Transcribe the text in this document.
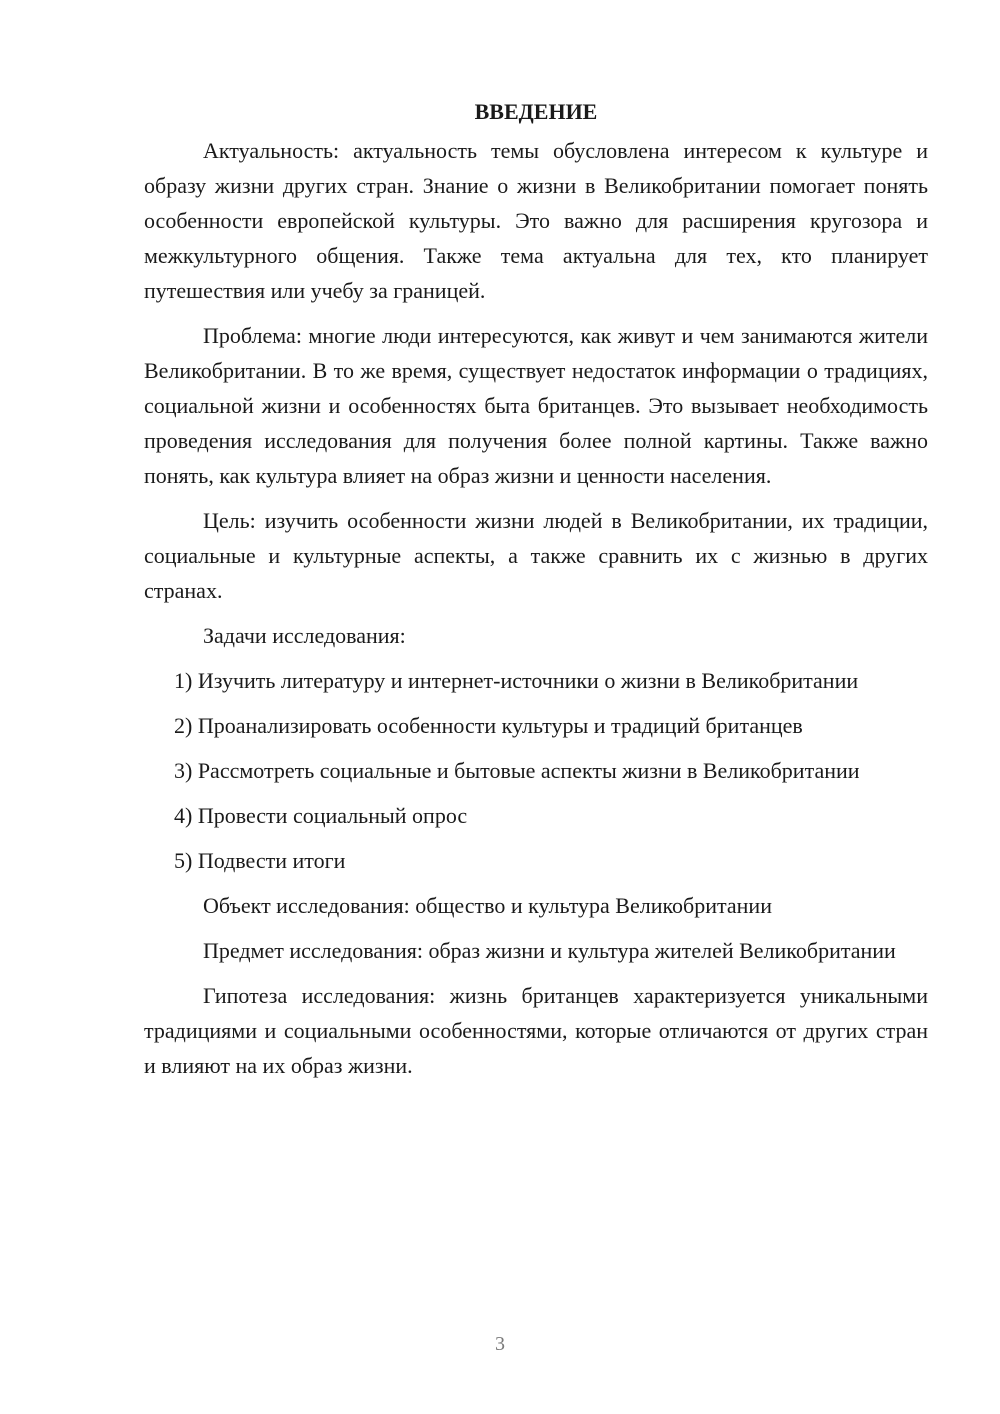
ВВЕДЕНИЕ

Актуальность: актуальность темы обусловлена интересом к культуре и образу жизни других стран. Знание о жизни в Великобритании помогает понять особенности европейской культуры. Это важно для расширения кругозора и межкультурного общения. Также тема актуальна для тех, кто планирует путешествия или учебу за границей.

Проблема: многие люди интересуются, как живут и чем занимаются жители Великобритании. В то же время, существует недостаток информации о традициях, социальной жизни и особенностях быта британцев. Это вызывает необходимость проведения исследования для получения более полной картины. Также важно понять, как культура влияет на образ жизни и ценности населения.

Цель: изучить особенности жизни людей в Великобритании, их традиции, социальные и культурные аспекты, а также сравнить их с жизнью в других странах.

Задачи исследования:

1) Изучить литературу и интернет-источники о жизни в Великобритании

2) Проанализировать особенности культуры и традиций британцев

3) Рассмотреть социальные и бытовые аспекты жизни в Великобритании

4) Провести социальный опрос

5) Подвести итоги

Объект исследования: общество и культура Великобритании

Предмет исследования: образ жизни и культура жителей Великобритании

Гипотеза исследования: жизнь британцев характеризуется уникальными традициями и социальными особенностями, которые отличаются от других стран и влияют на их образ жизни.

3
